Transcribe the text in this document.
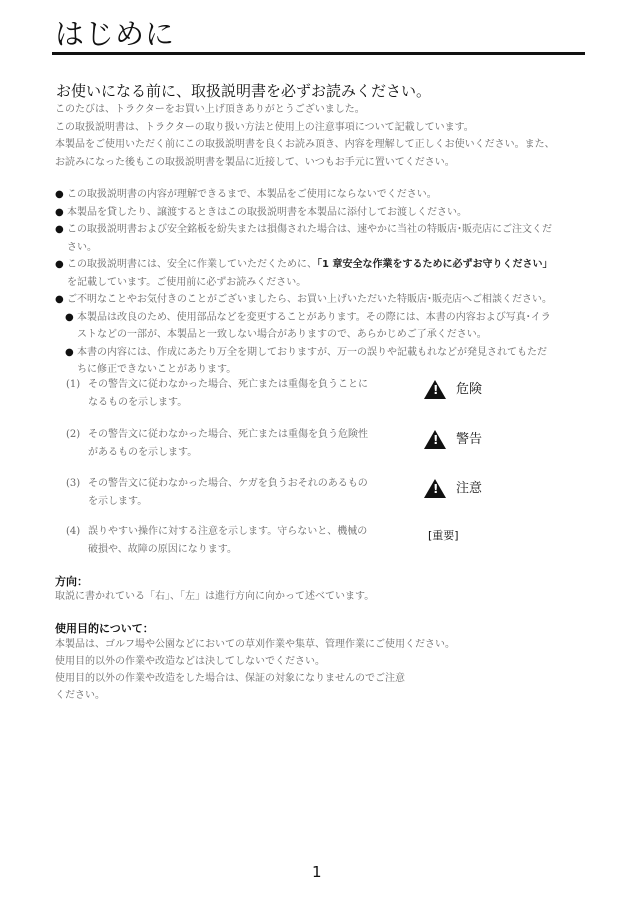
はじめに
お使いになる前に、取扱説明書を必ずお読みください。

このたびは、トラクターをお買い上げ頂きありがとうございました。

この取扱説明書は、トラクターの取り扱い方法と使用上の注意事項について記載しています。

本製品をご使用いただく前にこの取扱説明書を良くお読み頂き、内容を理解して正しくお使いください。また、

お読みになった後もこの取扱説明書を製品に近接して、いつもお手元に置いてください。

● この取扱説明書の内容が理解できるまで、本製品をご使用にならないでください。
● 本製品を貸したり、譲渡するときはこの取扱説明書を本製品に添付してお渡しください。
● この取扱説明書および安全銘板を紛失または損傷された場合は、速やかに当社の特販店･販売店にご注文くだ
さい。
● この取扱説明書には、安全に作業していただくために、「1 章安全な作業をするために必ずお守りください」
を記載しています。ご使用前に必ずお読みください。
● ご不明なことやお気付きのことがございましたら、お買い上げいただいた特販店･販売店へご相談ください。
● 本製品は改良のため、使用部品などを変更することがあります。その際には、本書の内容および写真･イラ
ストなどの一部が、本製品と一致しない場合がありますので、あらかじめご了承ください。
● 本書の内容には、作成にあたり万全を期しておりますが、万一の誤りや記載もれなどが発見されてもただ
ちに修正できないことがあります。
(1) その警告文に従わなかった場合、死亡または重傷を負うことに
なるものを示します。
! 危険
(2) その警告文に従わなかった場合、死亡または重傷を負う危険性
があるものを示します。
! 警告
(3) その警告文に従わなかった場合、ケガを負うおそれのあるもの
を示します。
! 注意
(4) 誤りやすい操作に対する注意を示します。守らないと、機械の
破損や、故障の原因になります。
[重要]
方向：

取説に書かれている「右」、「左」は進行方向に向かって述べています。

使用目的について：

本製品は、ゴルフ場や公園などにおいての草刈作業や集草、管理作業にご使用ください。

使用目的以外の作業や改造などは決してしないでください。

使用目的以外の作業や改造をした場合は、保証の対象になりませんのでご注意

ください。

1
